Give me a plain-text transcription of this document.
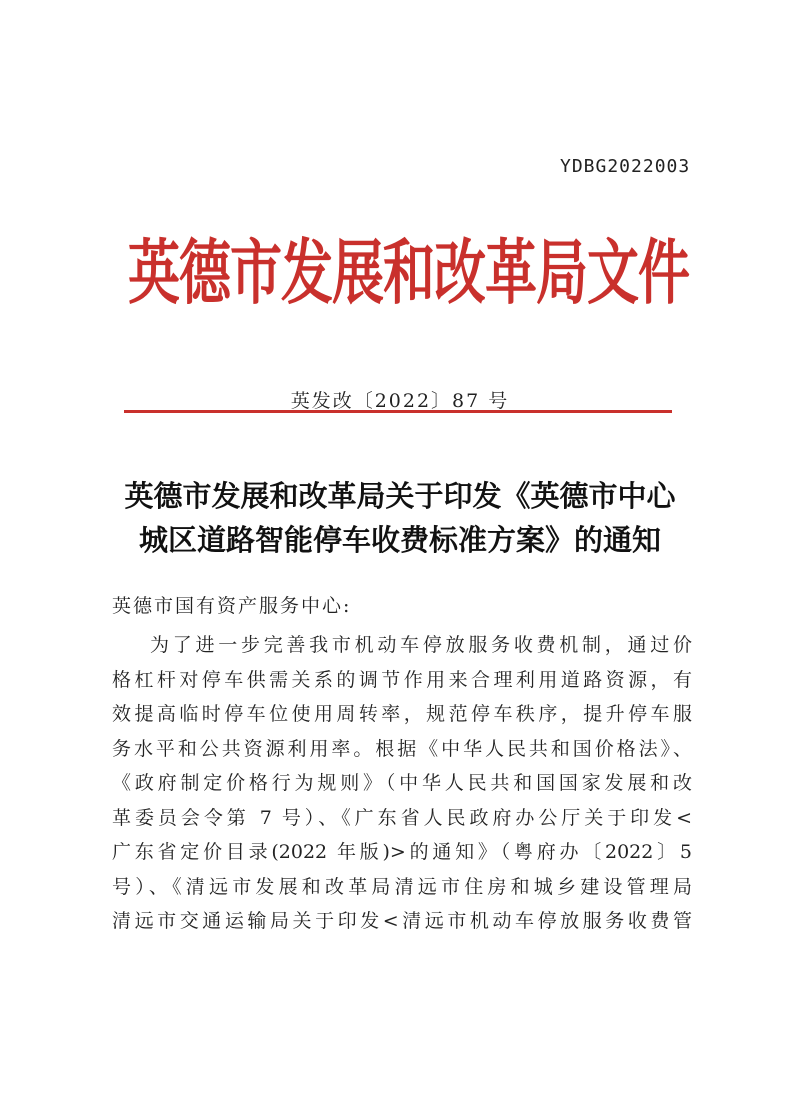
YDBG2022003
英德市发展和改革局文件
英发改〔2022〕87 号
英德市发展和改革局关于印发《英德市中心
城区道路智能停车收费标准方案》的通知
英德市国有资产服务中心:
为了进一步完善我市机动车停放服务收费机制，通过价
格杠杆对停车供需关系的调节作用来合理利用道路资源，有
效提高临时停车位使用周转率，规范停车秩序，提升停车服
务水平和公共资源利用率。根据《中华人民共和国价格法》、
《政府制定价格行为规则》（中华人民共和国国家发展和改
革委员会令第 7 号）、《广东省人民政府办公厅关于印发<
广东省定价目录(2022 年版)>的通知》（粤府办〔2022〕5
号）、《清远市发展和改革局清远市住房和城乡建设管理局
清远市交通运输局关于印发<清远市机动车停放服务收费管
